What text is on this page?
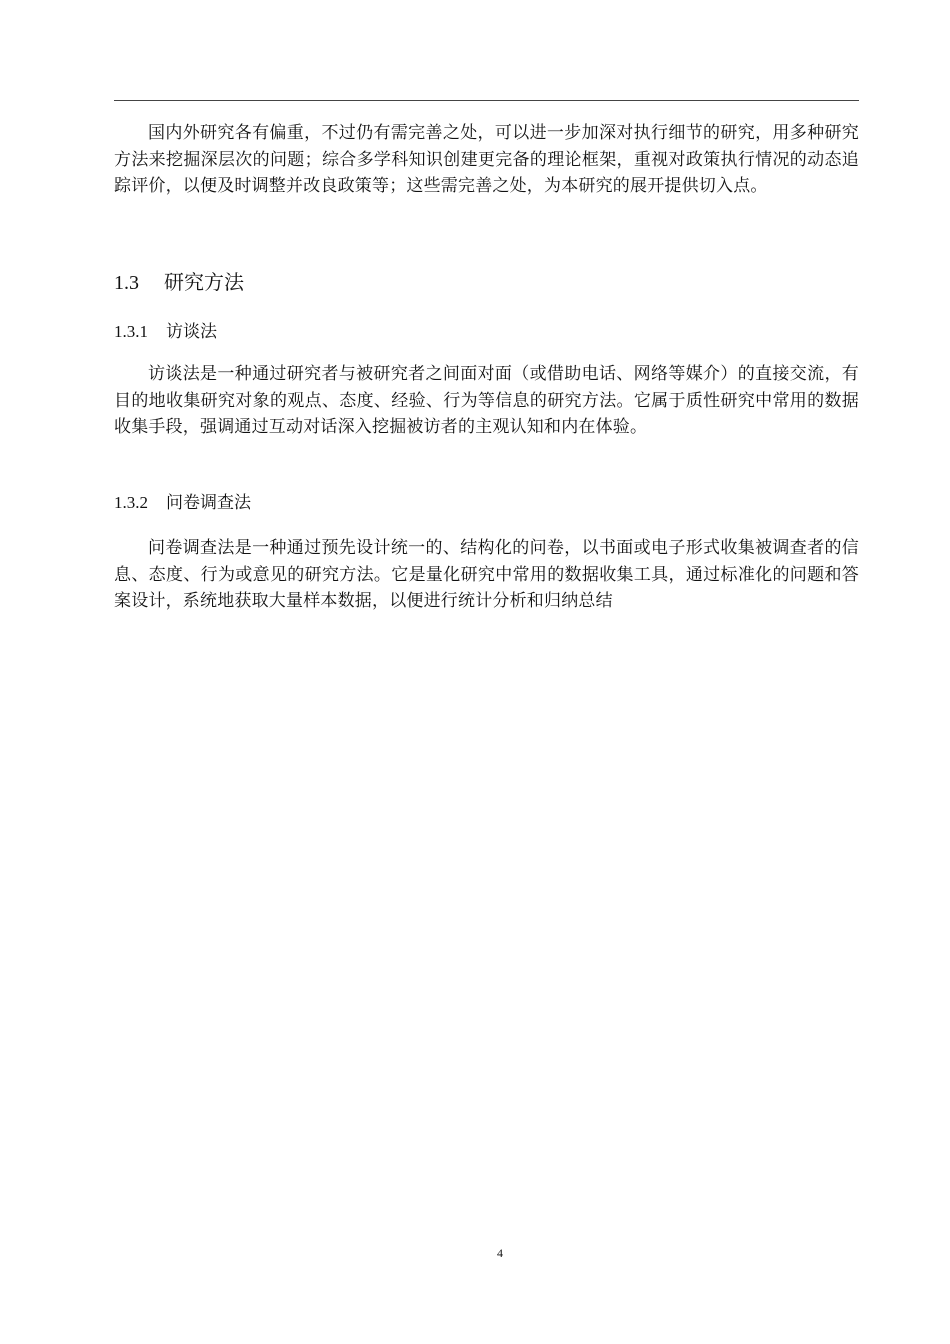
国内外研究各有偏重，不过仍有需完善之处，可以进一步加深对执行细节的研究，用多种研究方法来挖掘深层次的问题；综合多学科知识创建更完备的理论框架，重视对政策执行情况的动态追踪评价，以便及时调整并改良政策等；这些需完善之处，为本研究的展开提供切入点。

1.3 研究方法
1.3.1 访谈法

访谈法是一种通过研究者与被研究者之间面对面（或借助电话、网络等媒介）的直接交流，有目的地收集研究对象的观点、态度、经验、行为等信息的研究方法。它属于质性研究中常用的数据收集手段，强调通过互动对话深入挖掘被访者的主观认知和内在体验。

1.3.2 问卷调查法

问卷调查法是一种通过预先设计统一的、结构化的问卷，以书面或电子形式收集被调查者的信息、态度、行为或意见的研究方法。它是量化研究中常用的数据收集工具，通过标准化的问题和答案设计，系统地获取大量样本数据，以便进行统计分析和归纳总结

4
